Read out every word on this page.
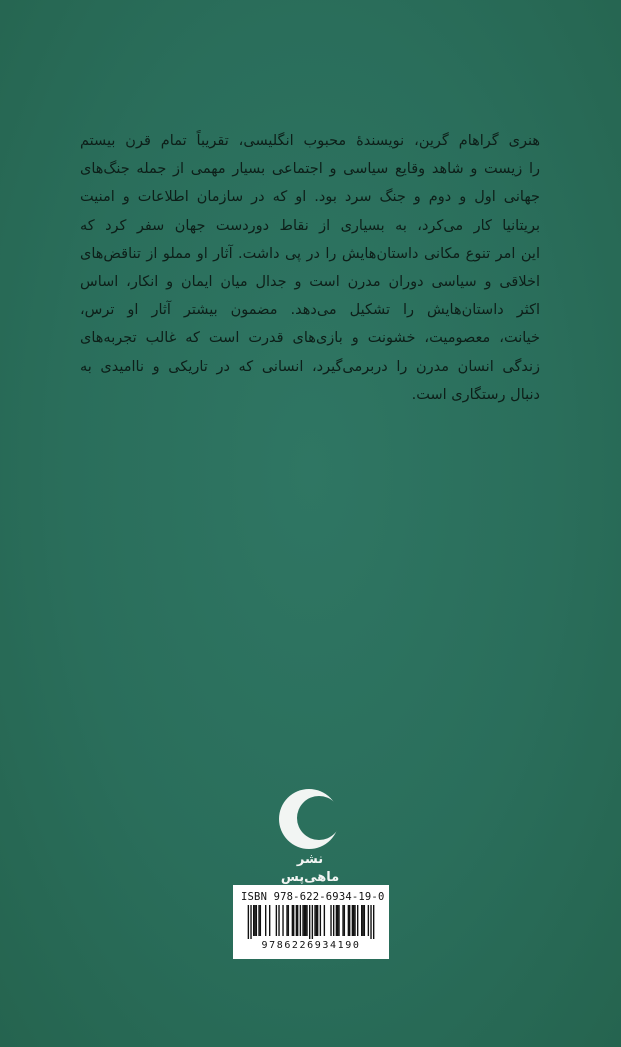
هنری گراهام گرین، نویسندهٔ محبوب انگلیسی، تقریباً تمام قرن بیستم
را زیست و شاهد وقایع سیاسی و اجتماعی بسیار مهمی از جمله جنگ‌های
جهانی اول و دوم و جنگ سرد بود. او که در سازمان اطلاعات و امنیت
بریتانیا کار می‌کرد، به بسیاری از نقاط دوردست جهان سفر کرد که
این امر تنوع مکانی داستان‌هایش را در پی داشت. آثار او مملو از تناقض‌های
اخلاقی و سیاسی دوران مدرن است و جدال میان ایمان و انکار، اساس
اکثر داستان‌هایش را تشکیل می‌دهد. مضمون بیشتر آثار او ترس،
خیانت، معصومیت، خشونت و بازی‌های قدرت است که غالب تجربه‌های
زندگی انسان مدرن را دربرمی‌گیرد، انسانی که در تاریکی و ناامیدی به
دنبال رستگاری است.
نشر ماهی‌پس
ISBN 978-622-6934-19-0
9786226934190
